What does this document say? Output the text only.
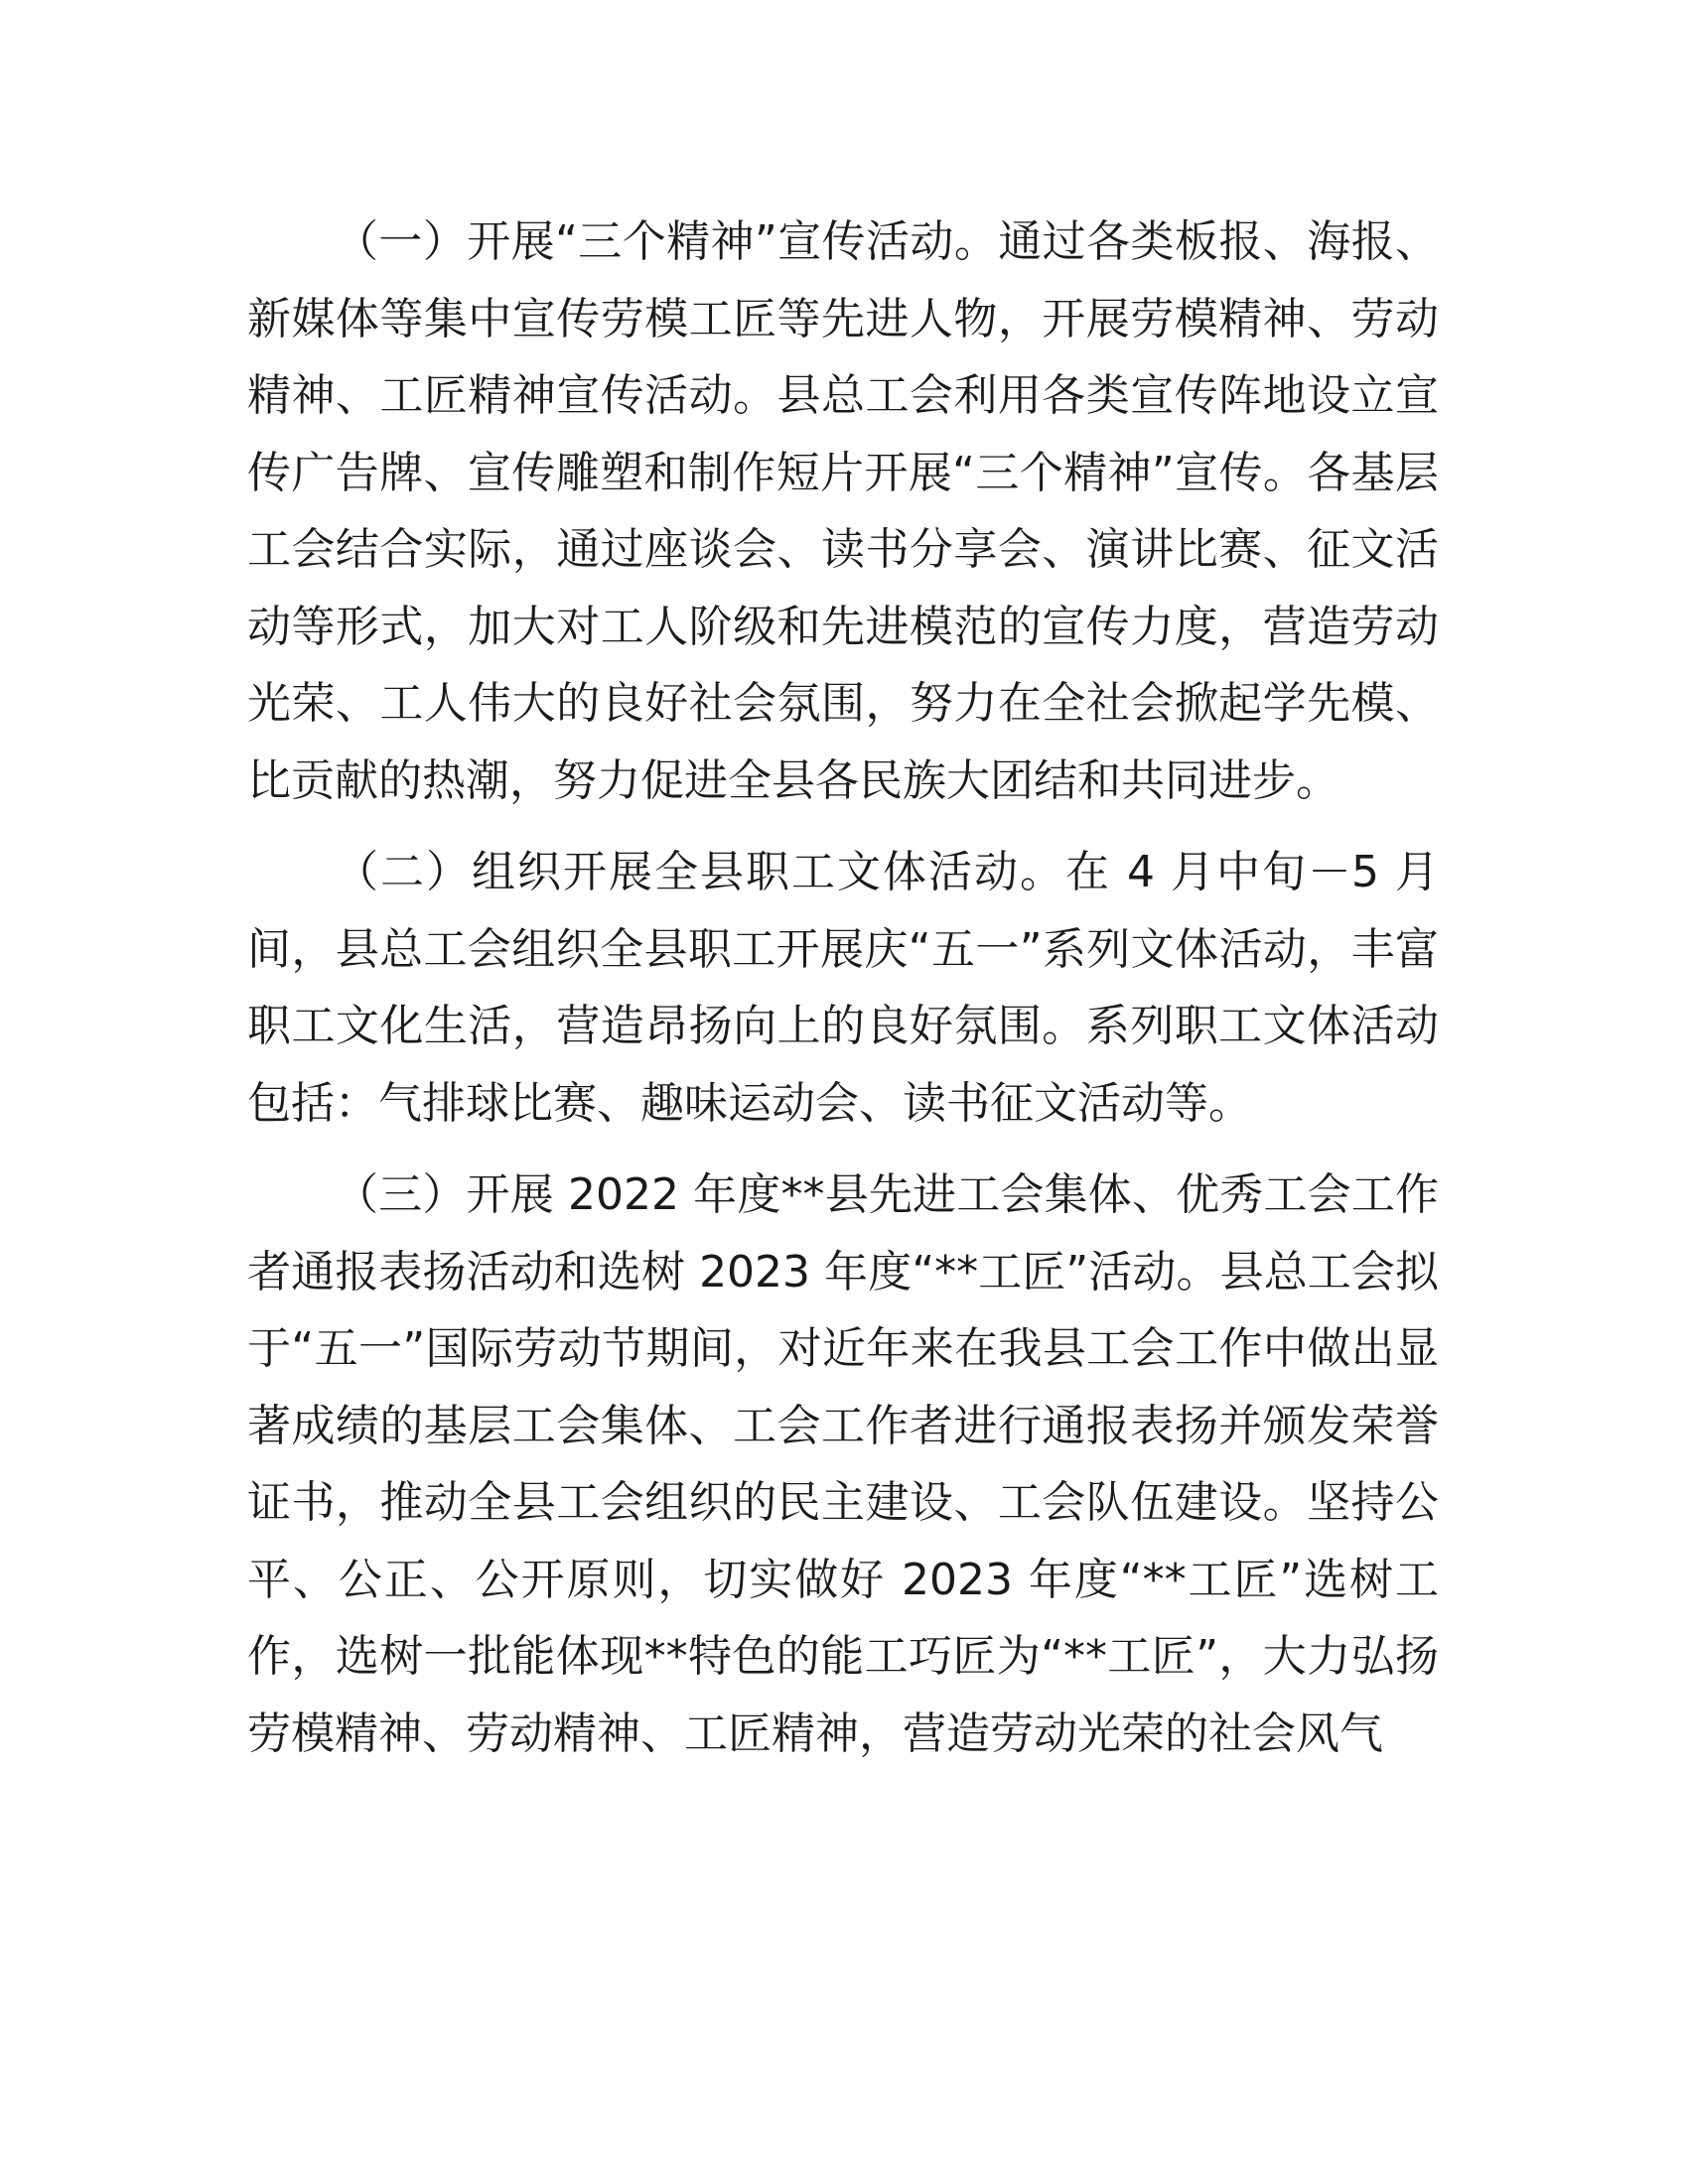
（一）开展“三个精神”宣传活动。通过各类板报、海报、新媒体等集中宣传劳模工匠等先进人物，开展劳模精神、劳动精神、工匠精神宣传活动。县总工会利用各类宣传阵地设立宣传广告牌、宣传雕塑和制作短片开展“三个精神”宣传。各基层工会结合实际，通过座谈会、读书分享会、演讲比赛、征文活动等形式，加大对工人阶级和先进模范的宣传力度，营造劳动光荣、工人伟大的良好社会氛围，努力在全社会掀起学先模、比贡献的热潮，努力促进全县各民族大团结和共同进步。

（二）组织开展全县职工文体活动。在 4 月中旬－5 月间，县总工会组织全县职工开展庆“五一”系列文体活动，丰富职工文化生活，营造昂扬向上的良好氛围。系列职工文体活动包括：气排球比赛、趣味运动会、读书征文活动等。

（三）开展 2022 年度**县先进工会集体、优秀工会工作者通报表扬活动和选树 2023 年度“**工匠”活动。县总工会拟于“五一”国际劳动节期间，对近年来在我县工会工作中做出显著成绩的基层工会集体、工会工作者进行通报表扬并颁发荣誉证书，推动全县工会组织的民主建设、工会队伍建设。坚持公平、公正、公开原则，切实做好 2023 年度“**工匠”选树工作，选树一批能体现**特色的能工巧匠为“**工匠”，大力弘扬劳模精神、劳动精神、工匠精神，营造劳动光荣的社会风气
